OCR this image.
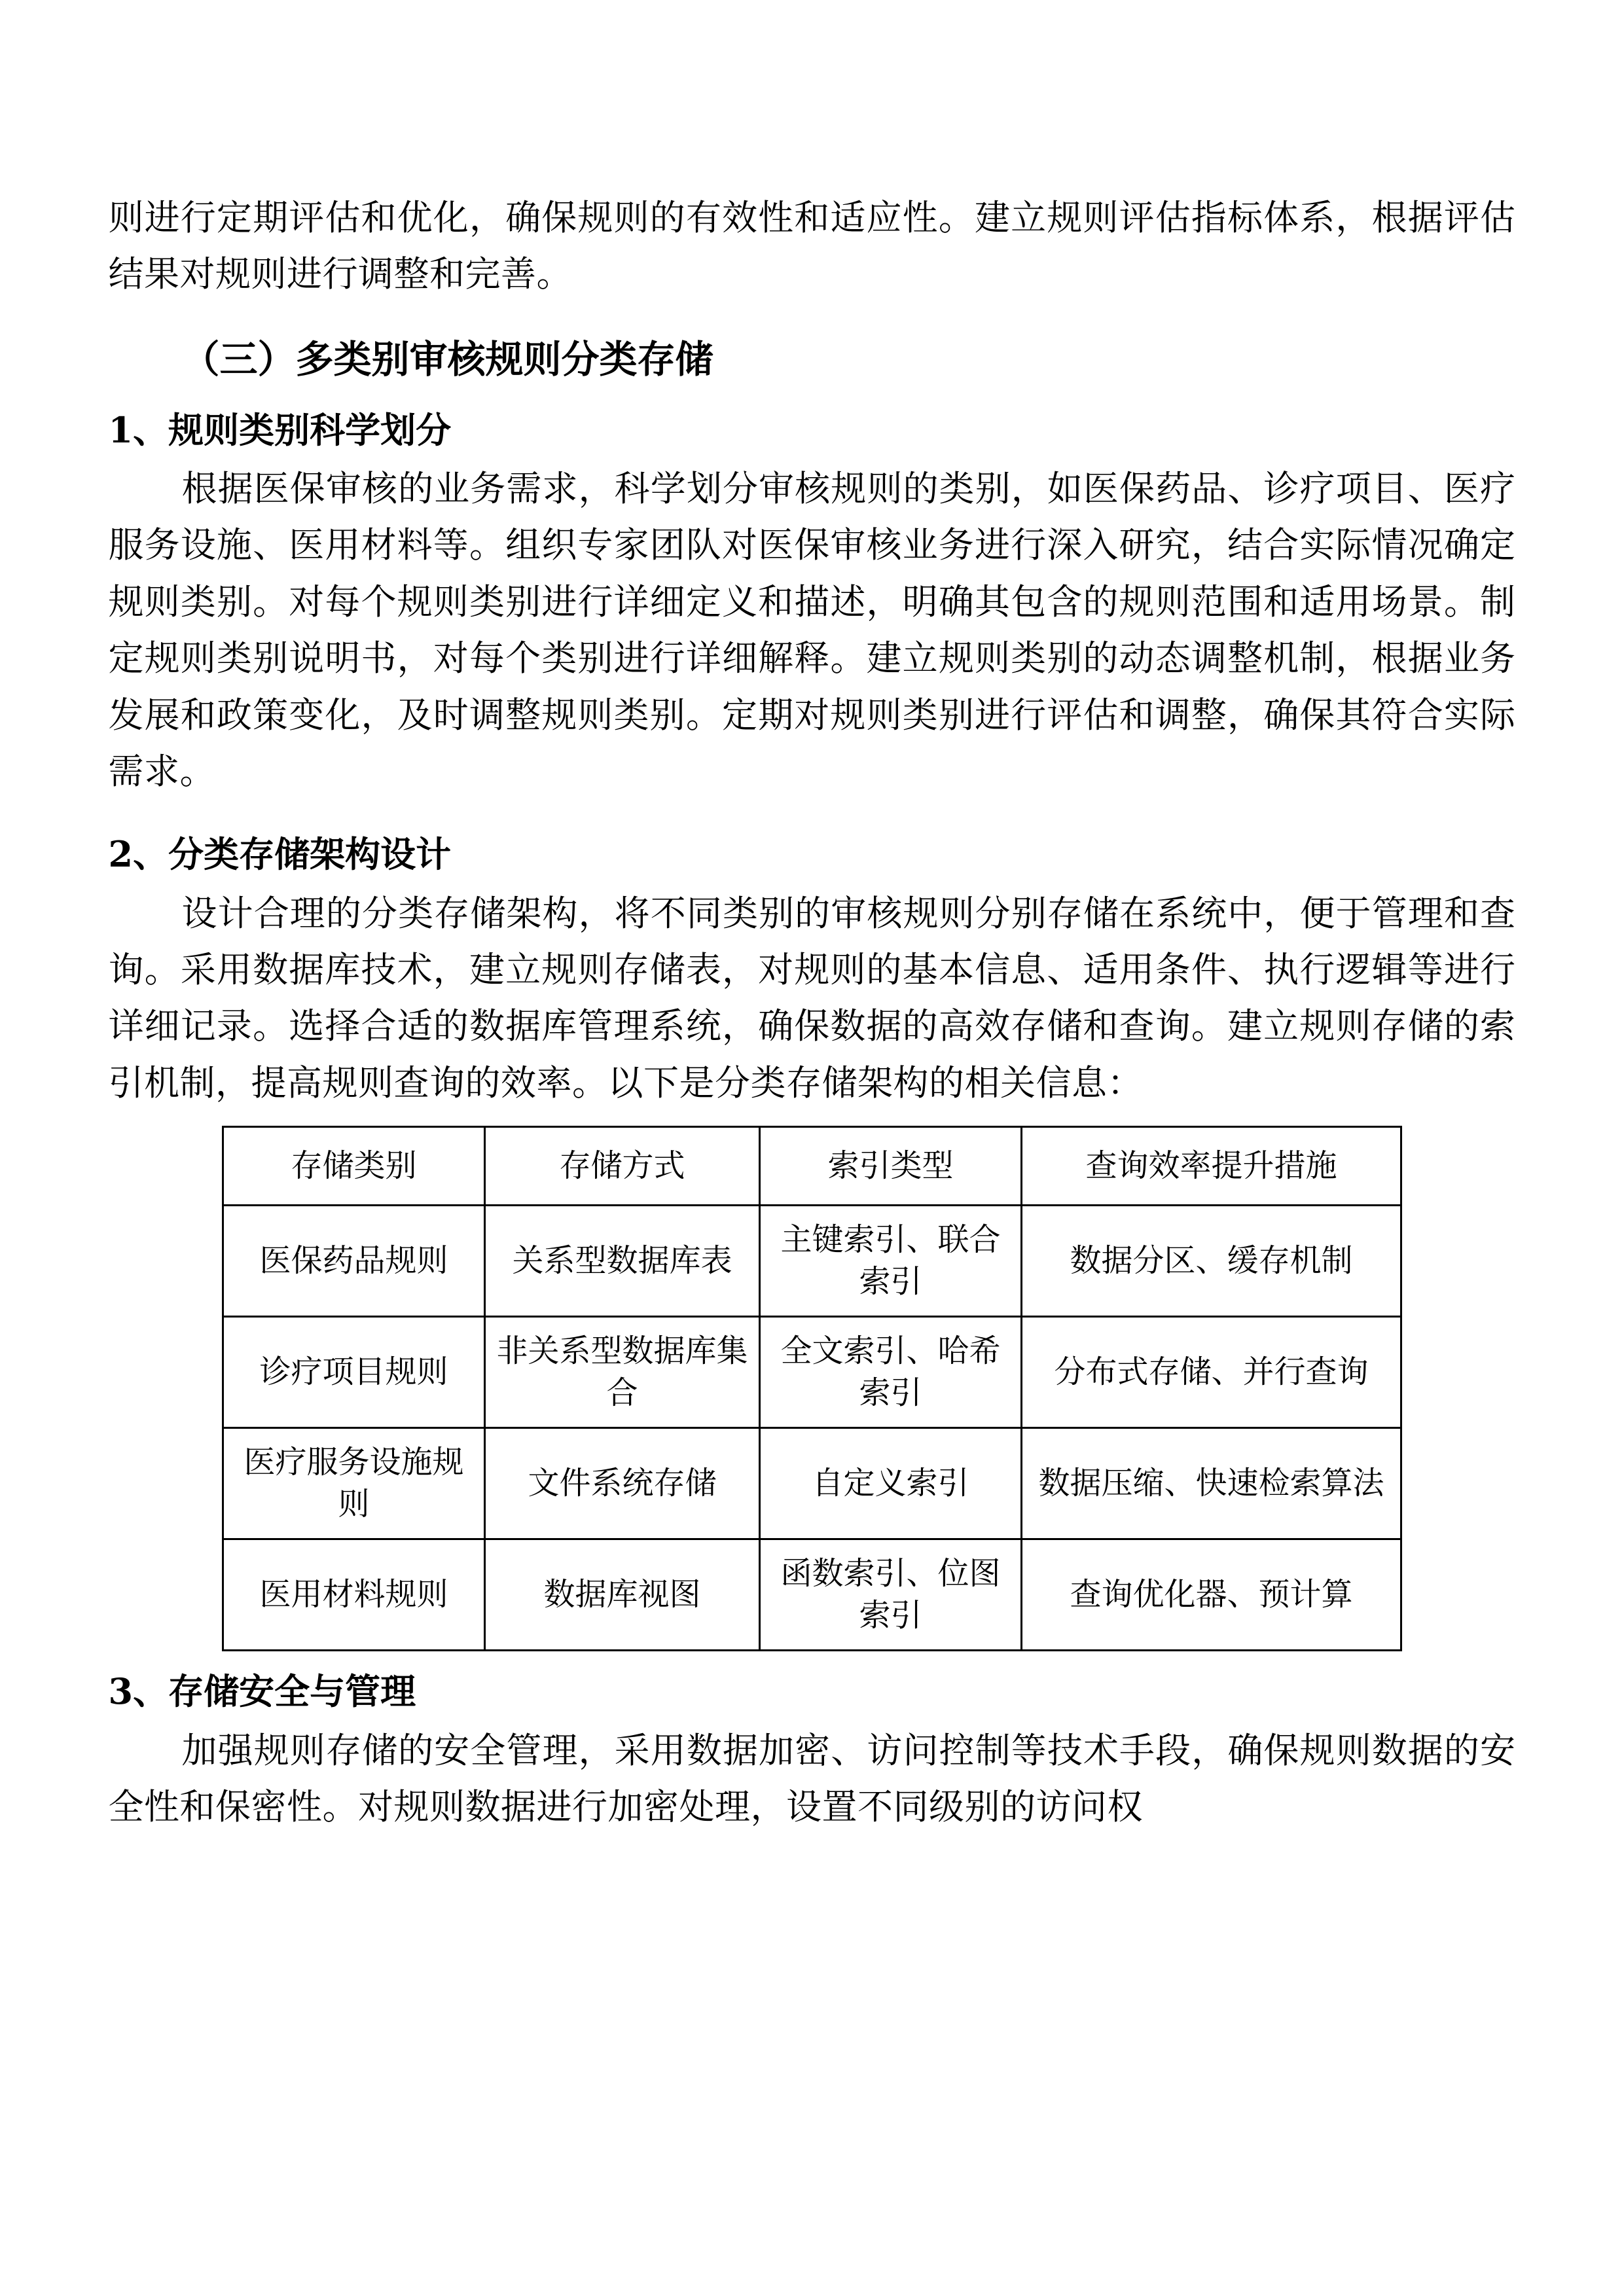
则进行定期评估和优化，确保规则的有效性和适应性。建立规则评估指标体系，根据评估结果对规则进行调整和完善。

（三）多类别审核规则分类存储
1、规则类别科学划分

根据医保审核的业务需求，科学划分审核规则的类别，如医保药品、诊疗项目、医疗服务设施、医用材料等。组织专家团队对医保审核业务进行深入研究，结合实际情况确定规则类别。对每个规则类别进行详细定义和描述，明确其包含的规则范围和适用场景。制定规则类别说明书，对每个类别进行详细解释。建立规则类别的动态调整机制，根据业务发展和政策变化，及时调整规则类别。定期对规则类别进行评估和调整，确保其符合实际需求。

2、分类存储架构设计

设计合理的分类存储架构，将不同类别的审核规则分别存储在系统中，便于管理和查询。采用数据库技术，建立规则存储表，对规则的基本信息、适用条件、执行逻辑等进行详细记录。选择合适的数据库管理系统，确保数据的高效存储和查询。建立规则存储的索引机制，提高规则查询的效率。以下是分类存储架构的相关信息：

存储类别	存储方式	索引类型	查询效率提升措施
医保药品规则	关系型数据库表	主键索引、联合索引	数据分区、缓存机制
诊疗项目规则	非关系型数据库集合	全文索引、哈希索引	分布式存储、并行查询
医疗服务设施规则	文件系统存储	自定义索引	数据压缩、快速检索算法
医用材料规则	数据库视图	函数索引、位图索引	查询优化器、预计算
3、存储安全与管理

加强规则存储的安全管理，采用数据加密、访问控制等技术手段，确保规则数据的安全性和保密性。对规则数据进行加密处理，设置不同级别的访问权
